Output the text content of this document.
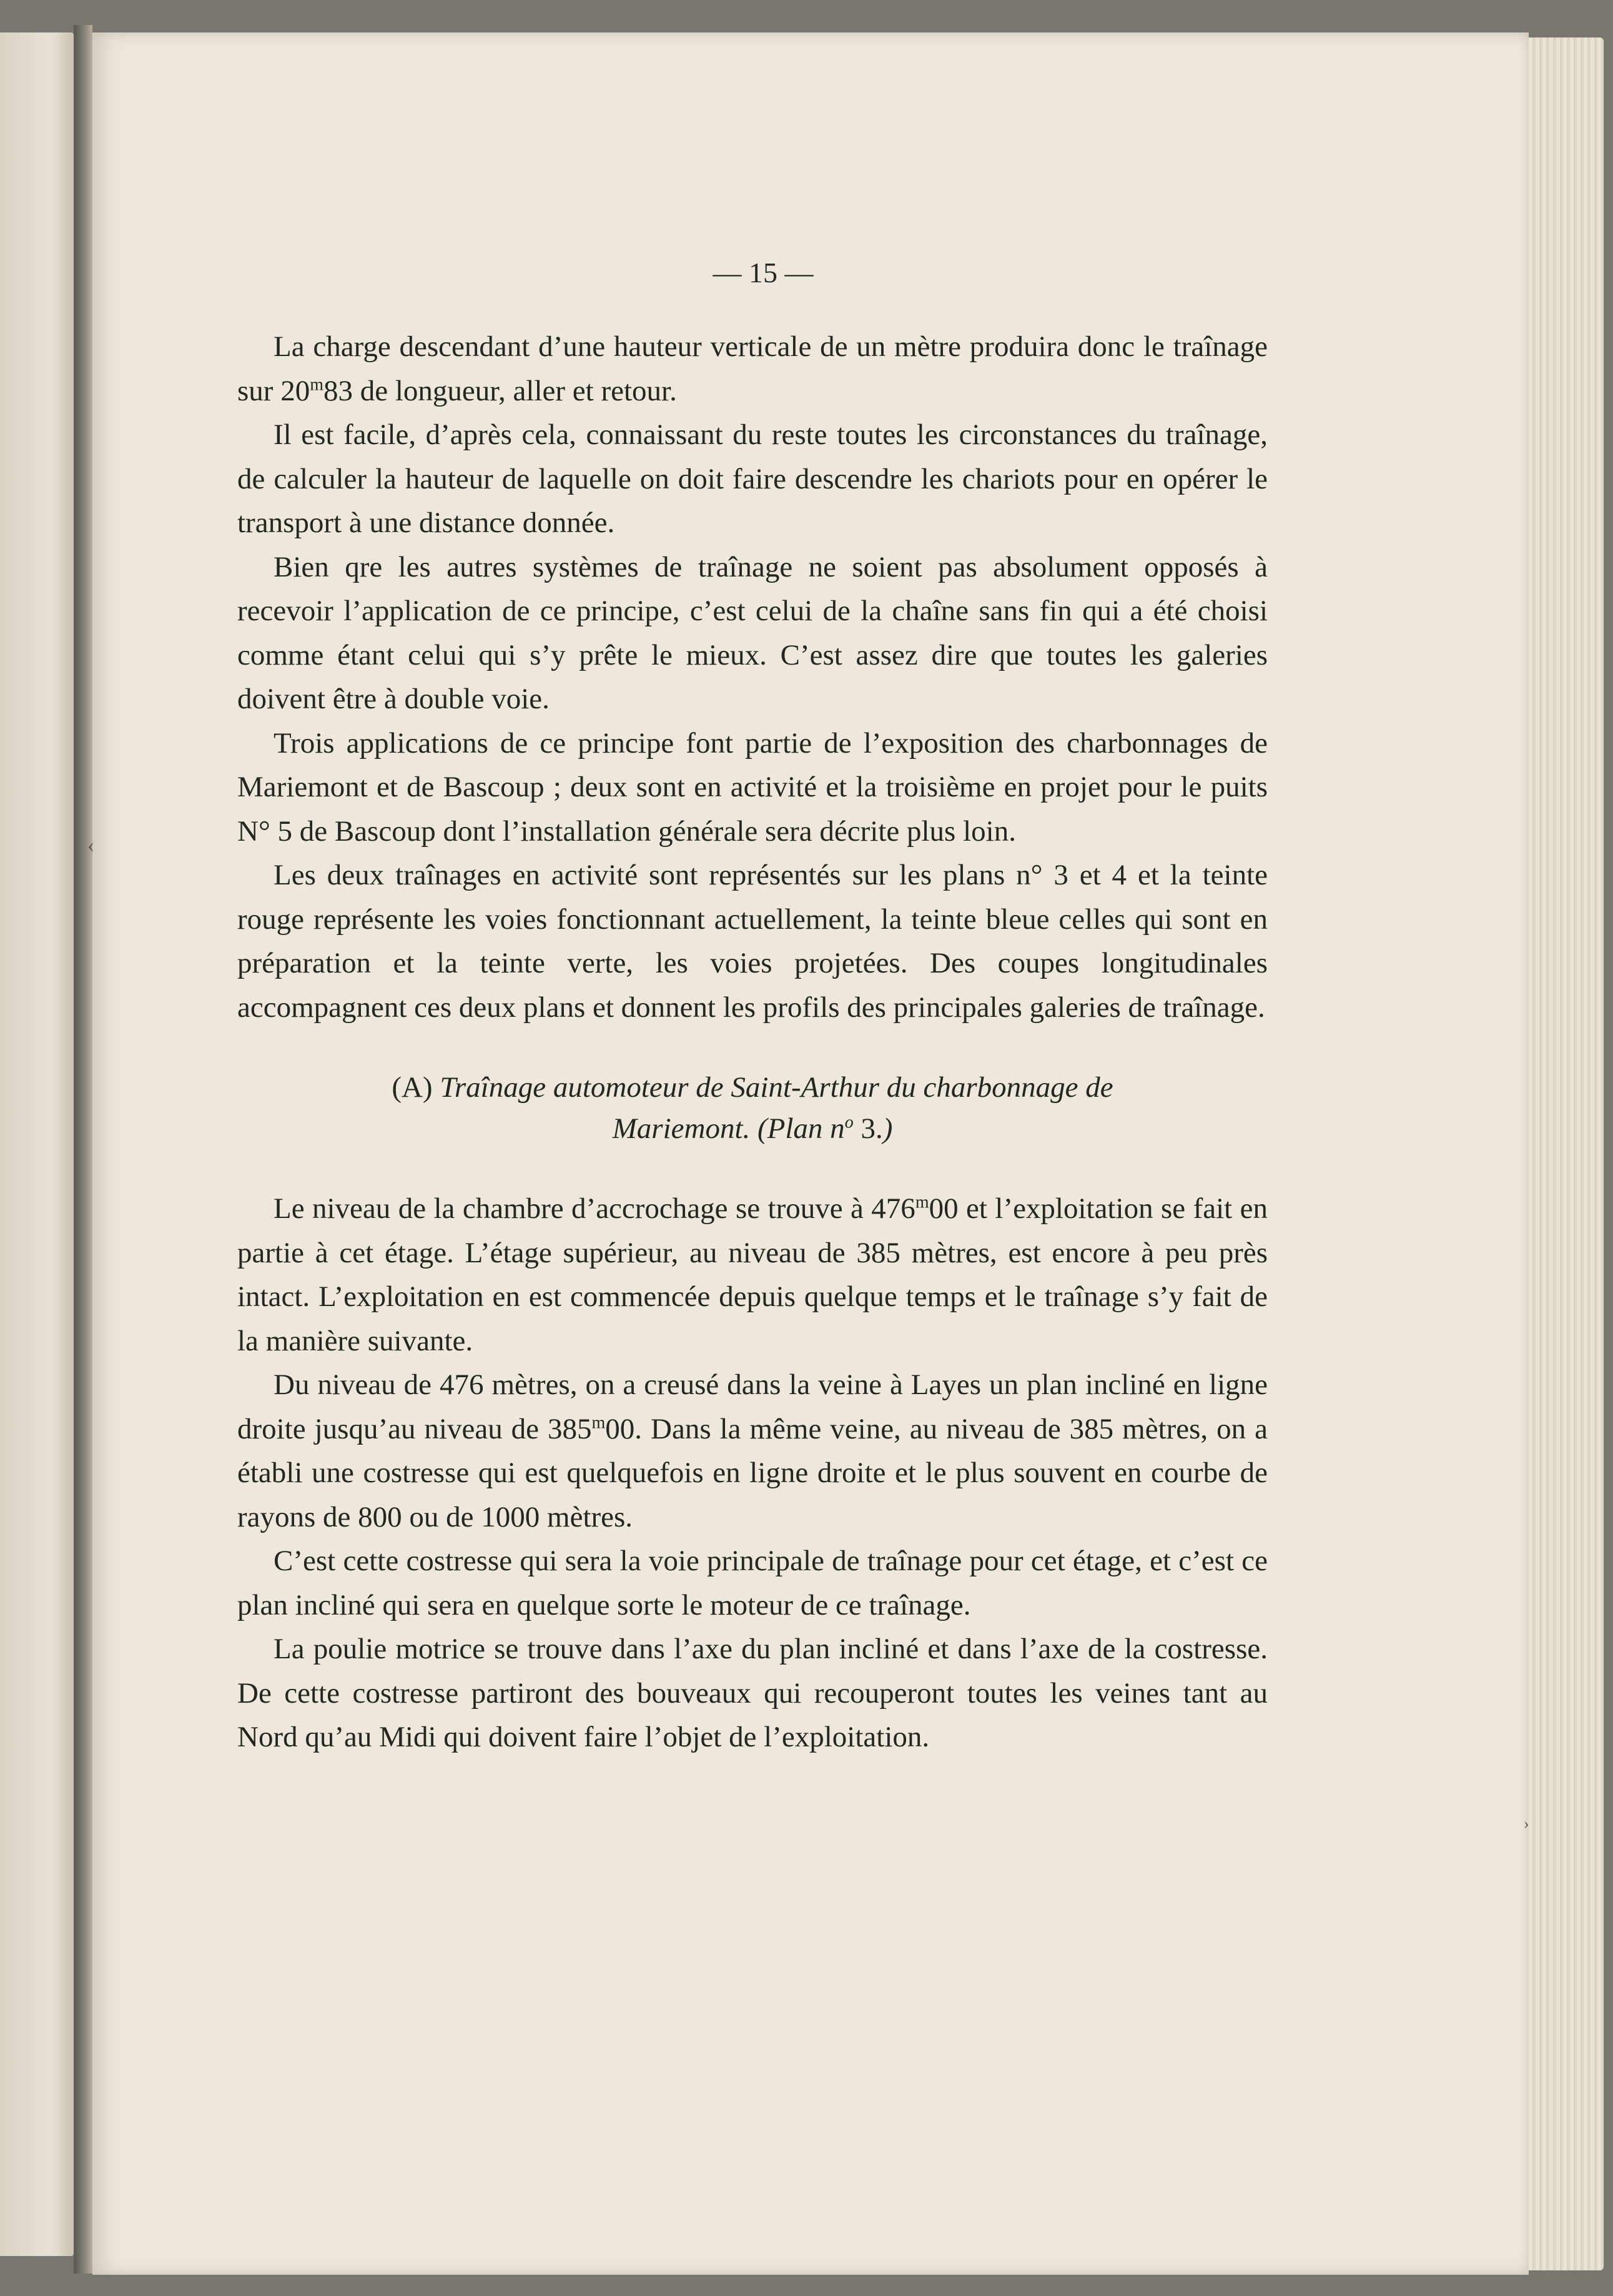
‹
›
— 15 —

La charge descendant d’une hauteur verticale de un mètre produira donc le traînage sur 20$^m$83 de longueur, aller et retour.

Il est facile, d’après cela, connaissant du reste toutes les circonstances du traînage, de calculer la hauteur de laquelle on doit faire descendre les chariots pour en opérer le transport à une distance donnée.

Bien qre les autres systèmes de traînage ne soient pas absolument opposés à recevoir l’application de ce principe, c’est celui de la chaîne sans fin qui a été choisi comme étant celui qui s’y prête le mieux. C’est assez dire que toutes les galeries doivent être à double voie.

Trois applications de ce principe font partie de l’exposition des charbonnages de Mariemont et de Bascoup ; deux sont en activité et la troisième en projet pour le puits N° 5 de Bascoup dont l’installation générale sera décrite plus loin.

Les deux traînages en activité sont représentés sur les plans n° 3 et 4 et la teinte rouge représente les voies fonctionnant actuellement, la teinte bleue celles qui sont en préparation et la teinte verte, les voies projetées. Des coupes longitudinales accompagnent ces deux plans et donnent les profils des principales galeries de traînage.

(A) Traînage automoteur de Saint-Arthur du charbonnage de
Mariemont. (Plan $n^o$ 3.)

Le niveau de la chambre d’accrochage se trouve à 476$^m$00 et l’exploitation se fait en partie à cet étage. L’étage supérieur, au niveau de 385 mètres, est encore à peu près intact. L’exploitation en est commencée depuis quelque temps et le traînage s’y fait de la manière suivante.

Du niveau de 476 mètres, on a creusé dans la veine à Layes un plan incliné en ligne droite jusqu’au niveau de 385$^m$00. Dans la même veine, au niveau de 385 mètres, on a établi une costresse qui est quelquefois en ligne droite et le plus souvent en courbe de rayons de 800 ou de 1000 mètres.

C’est cette costresse qui sera la voie principale de traînage pour cet étage, et c’est ce plan incliné qui sera en quelque sorte le moteur de ce traînage.

La poulie motrice se trouve dans l’axe du plan incliné et dans l’axe de la costresse. De cette costresse partiront des bouveaux qui recouperont toutes les veines tant au Nord qu’au Midi qui doivent faire l’objet de l’exploitation.
